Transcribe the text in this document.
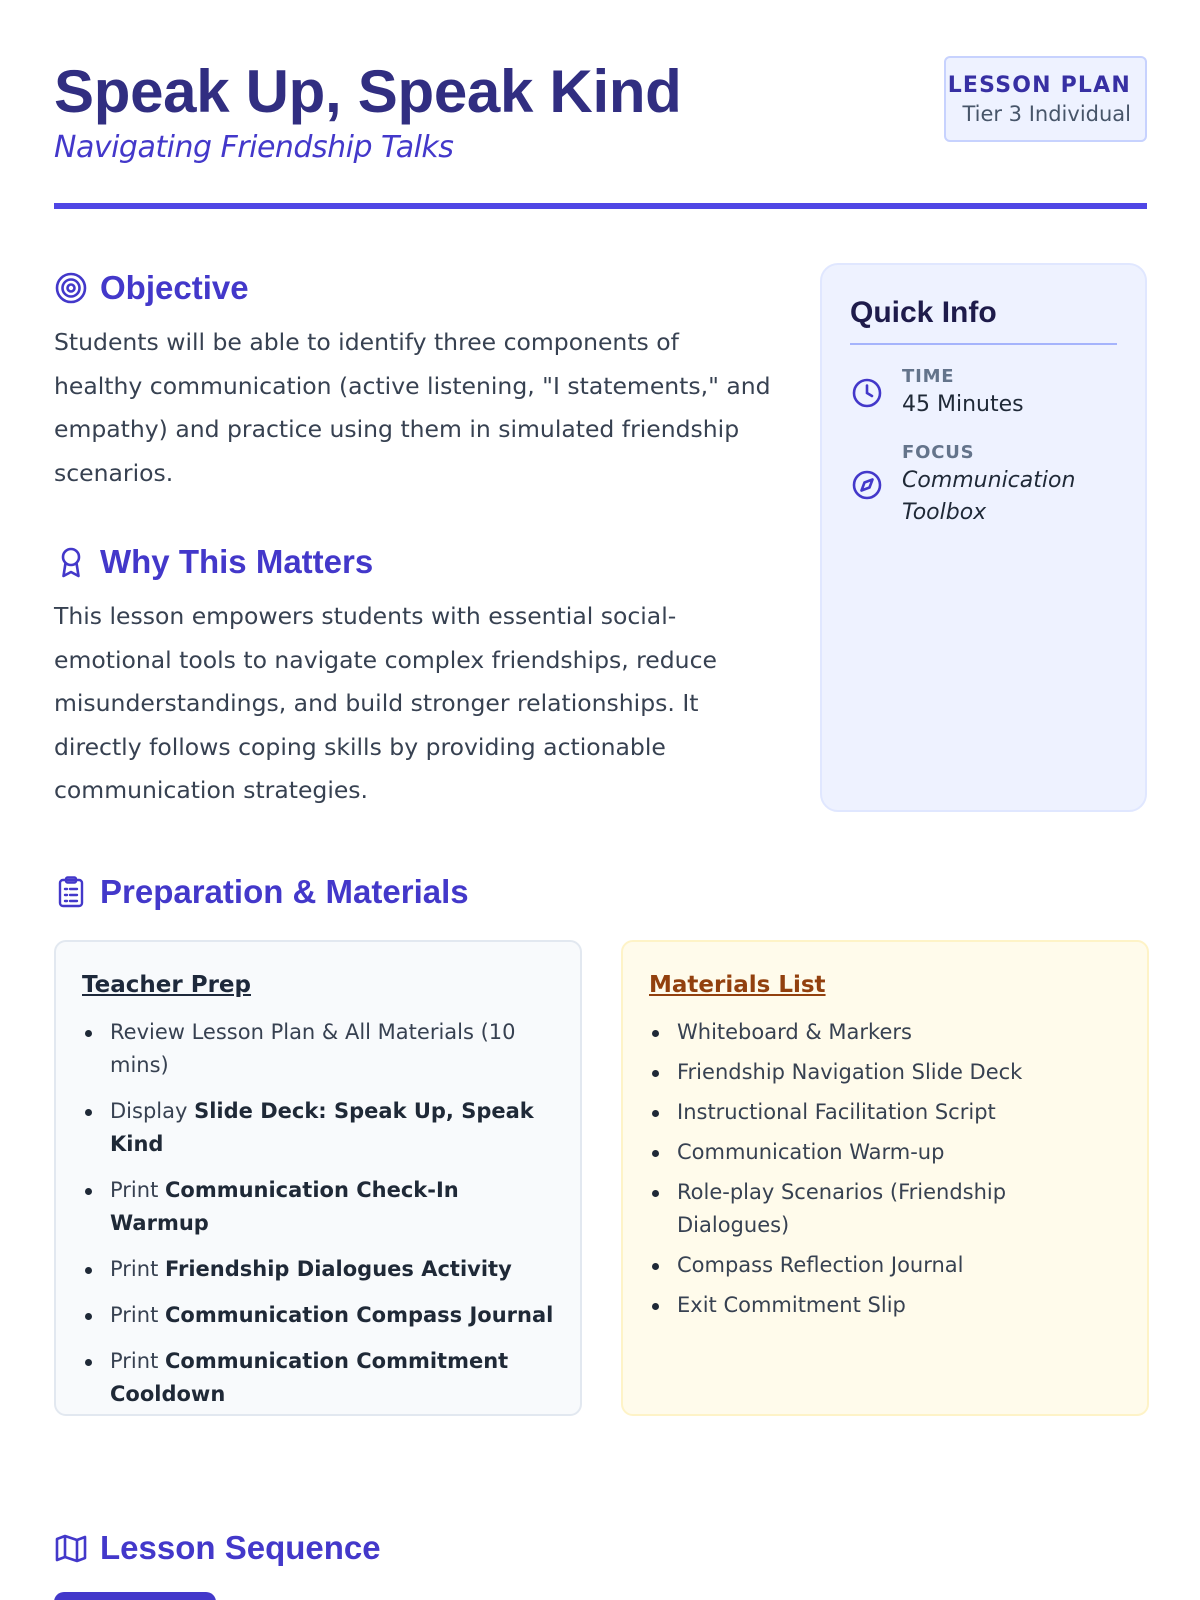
Speak Up, Speak Kind
Navigating Friendship Talks
LESSON PLAN
Tier 3 Individual
Objective
Students will be able to identify three components of healthy communication (active listening, "I statements," and empathy) and practice using them in simulated friendship scenarios.
Why This Matters
This lesson empowers students with essential social-emotional tools to navigate complex friendships, reduce misunderstandings, and build stronger relationships. It directly follows coping skills by providing actionable communication strategies.
Quick Info
TIME
45 Minutes
FOCUS
Communication Toolbox
Preparation & Materials
Teacher Prep
Review Lesson Plan & All Materials (10 mins)
Display Slide Deck: Speak Up, Speak Kind
Print Communication Check-In Warmup
Print Friendship Dialogues Activity
Print Communication Compass Journal
Print Communication Commitment Cooldown
Materials List
Whiteboard & Markers
Friendship Navigation Slide Deck
Instructional Facilitation Script
Communication Warm-up
Role-play Scenarios (Friendship Dialogues)
Compass Reflection Journal
Exit Commitment Slip
Lesson Sequence
